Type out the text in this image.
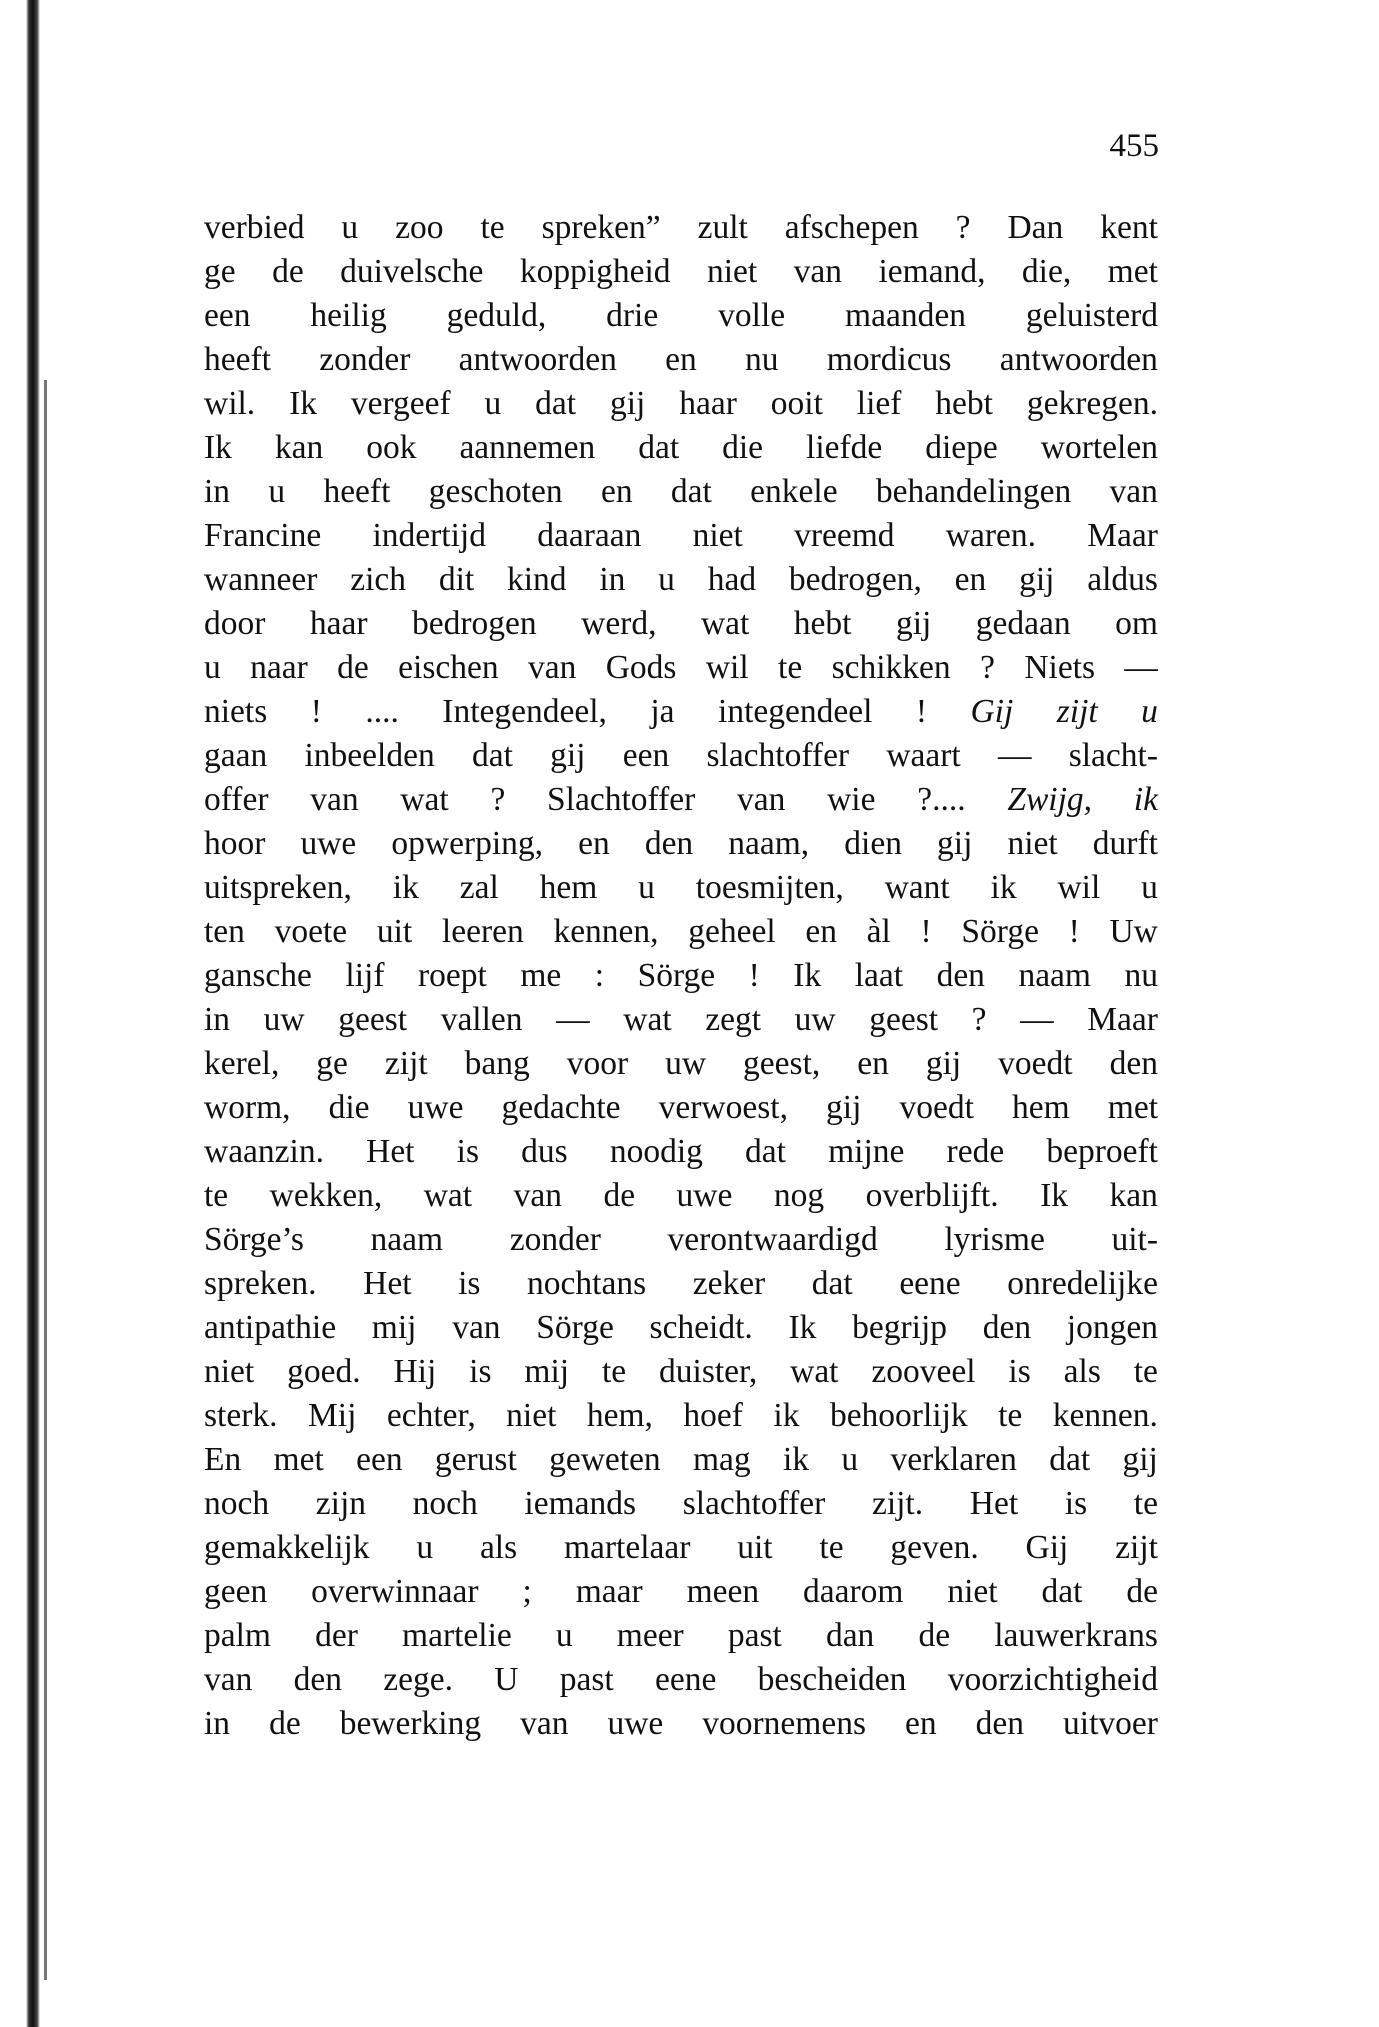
455
verbied u zoo te spreken” zult afschepen ? Dan kent
ge de duivelsche koppigheid niet van iemand, die, met
een heilig geduld, drie volle maanden geluisterd
heeft zonder antwoorden en nu mordicus antwoorden
wil. Ik vergeef u dat gij haar ooit lief hebt gekregen.
Ik kan ook aannemen dat die liefde diepe wortelen
in u heeft geschoten en dat enkele behandelingen van
Francine indertijd daaraan niet vreemd waren. Maar
wanneer zich dit kind in u had bedrogen, en gij aldus
door haar bedrogen werd, wat hebt gij gedaan om
u naar de eischen van Gods wil te schikken ? Niets —
niets ! .... Integendeel, ja integendeel ! Gij zijt u
gaan inbeelden dat gij een slachtoffer waart — slacht-
offer van wat ? Slachtoffer van wie ?.... Zwijg, ik
hoor uwe opwerping, en den naam, dien gij niet durft
uitspreken, ik zal hem u toesmijten, want ik wil u
ten voete uit leeren kennen, geheel en àl ! Sörge ! Uw
gansche lijf roept me : Sörge ! Ik laat den naam nu
in uw geest vallen — wat zegt uw geest ? — Maar
kerel, ge zijt bang voor uw geest, en gij voedt den
worm, die uwe gedachte verwoest, gij voedt hem met
waanzin. Het is dus noodig dat mijne rede beproeft
te wekken, wat van de uwe nog overblijft. Ik kan
Sörge’s naam zonder verontwaardigd lyrisme uit-
spreken. Het is nochtans zeker dat eene onredelijke
antipathie mij van Sörge scheidt. Ik begrijp den jongen
niet goed. Hij is mij te duister, wat zooveel is als te
sterk. Mij echter, niet hem, hoef ik behoorlijk te kennen.
En met een gerust geweten mag ik u verklaren dat gij
noch zijn noch iemands slachtoffer zijt. Het is te
gemakkelijk u als martelaar uit te geven. Gij zijt
geen overwinnaar ; maar meen daarom niet dat de
palm der martelie u meer past dan de lauwerkrans
van den zege. U past eene bescheiden voorzichtigheid
in de bewerking van uwe voornemens en den uitvoer
